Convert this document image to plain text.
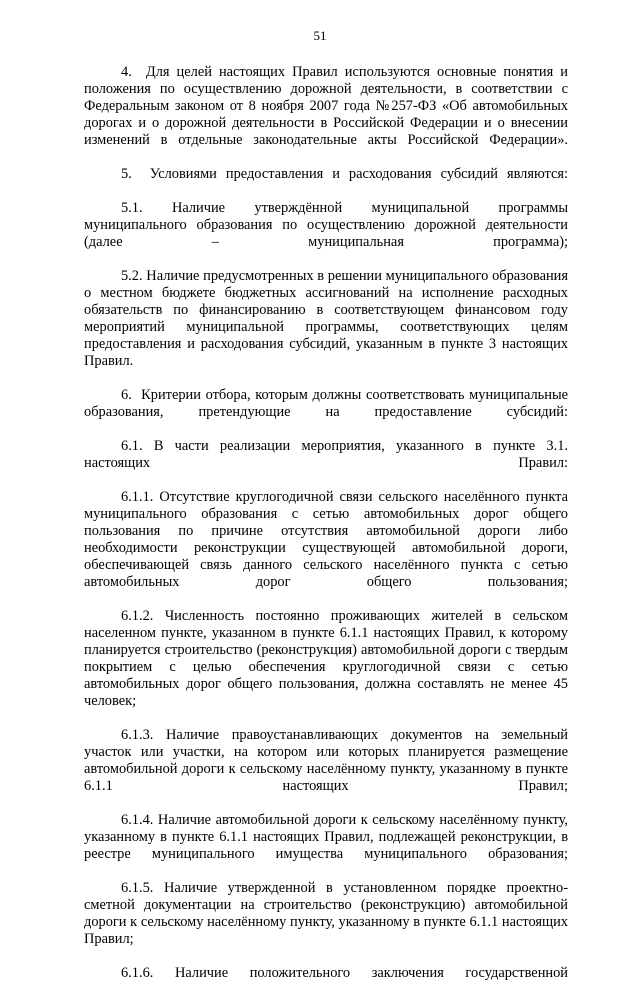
51

4.  Для целей настоящих Правил используются основные понятия и положения по осуществлению дорожной деятельности, в соответствии с Федеральным законом от 8 ноября 2007 года №257-ФЗ «Об автомобильных дорогах и о дорожной деятельности в Российской Федерации и о внесении изменений в отдельные законодательные акты Российской Федерации».

5.  Условиями предоставления и расходования субсидий являются:

5.1. Наличие утверждённой муниципальной программы муниципального образования по осуществлению дорожной деятельности (далее – муниципальная программа);

5.2. Наличие предусмотренных в решении муниципального образования о местном бюджете бюджетных ассигнований на исполнение расходных обязательств по финансированию в соответствующем финансовом году мероприятий муниципальной программы, соответствующих целям предоставления и расходования субсидий, указанным в пункте 3 настоящих Правил.

6.  Критерии отбора, которым должны соответствовать муниципальные образования, претендующие на предоставление субсидий:

6.1. В части реализации мероприятия, указанного в пункте 3.1. настоящих Правил:

6.1.1. Отсутствие круглогодичной связи сельского населённого пункта муниципального образования с сетью автомобильных дорог общего пользования по причине отсутствия автомобильной дороги либо необходимости реконструкции существующей автомобильной дороги, обеспечивающей связь данного сельского населённого пункта с сетью автомобильных дорог общего пользования;

6.1.2. Численность постоянно проживающих жителей в сельском населенном пункте, указанном в пункте 6.1.1 настоящих Правил, к которому планируется строительство (реконструкция) автомобильной дороги с твердым покрытием с целью обеспечения круглогодичной связи с сетью автомобильных дорог общего пользования, должна составлять не менее 45 человек;

6.1.3. Наличие правоустанавливающих документов на земельный участок или участки, на котором или которых планируется размещение автомобильной дороги к сельскому населённому пункту, указанному в пункте 6.1.1 настоящих Правил;

6.1.4. Наличие автомобильной дороги к сельскому населённому пункту, указанному в пункте 6.1.1 настоящих Правил, подлежащей реконструкции, в реестре муниципального имущества муниципального образования;

6.1.5. Наличие утвержденной в установленном порядке проектно-сметной документации на строительство (реконструкцию) автомобильной дороги к сельскому населённому пункту, указанному в пункте 6.1.1 настоящих Правил;

6.1.6. Наличие положительного заключения государственной
